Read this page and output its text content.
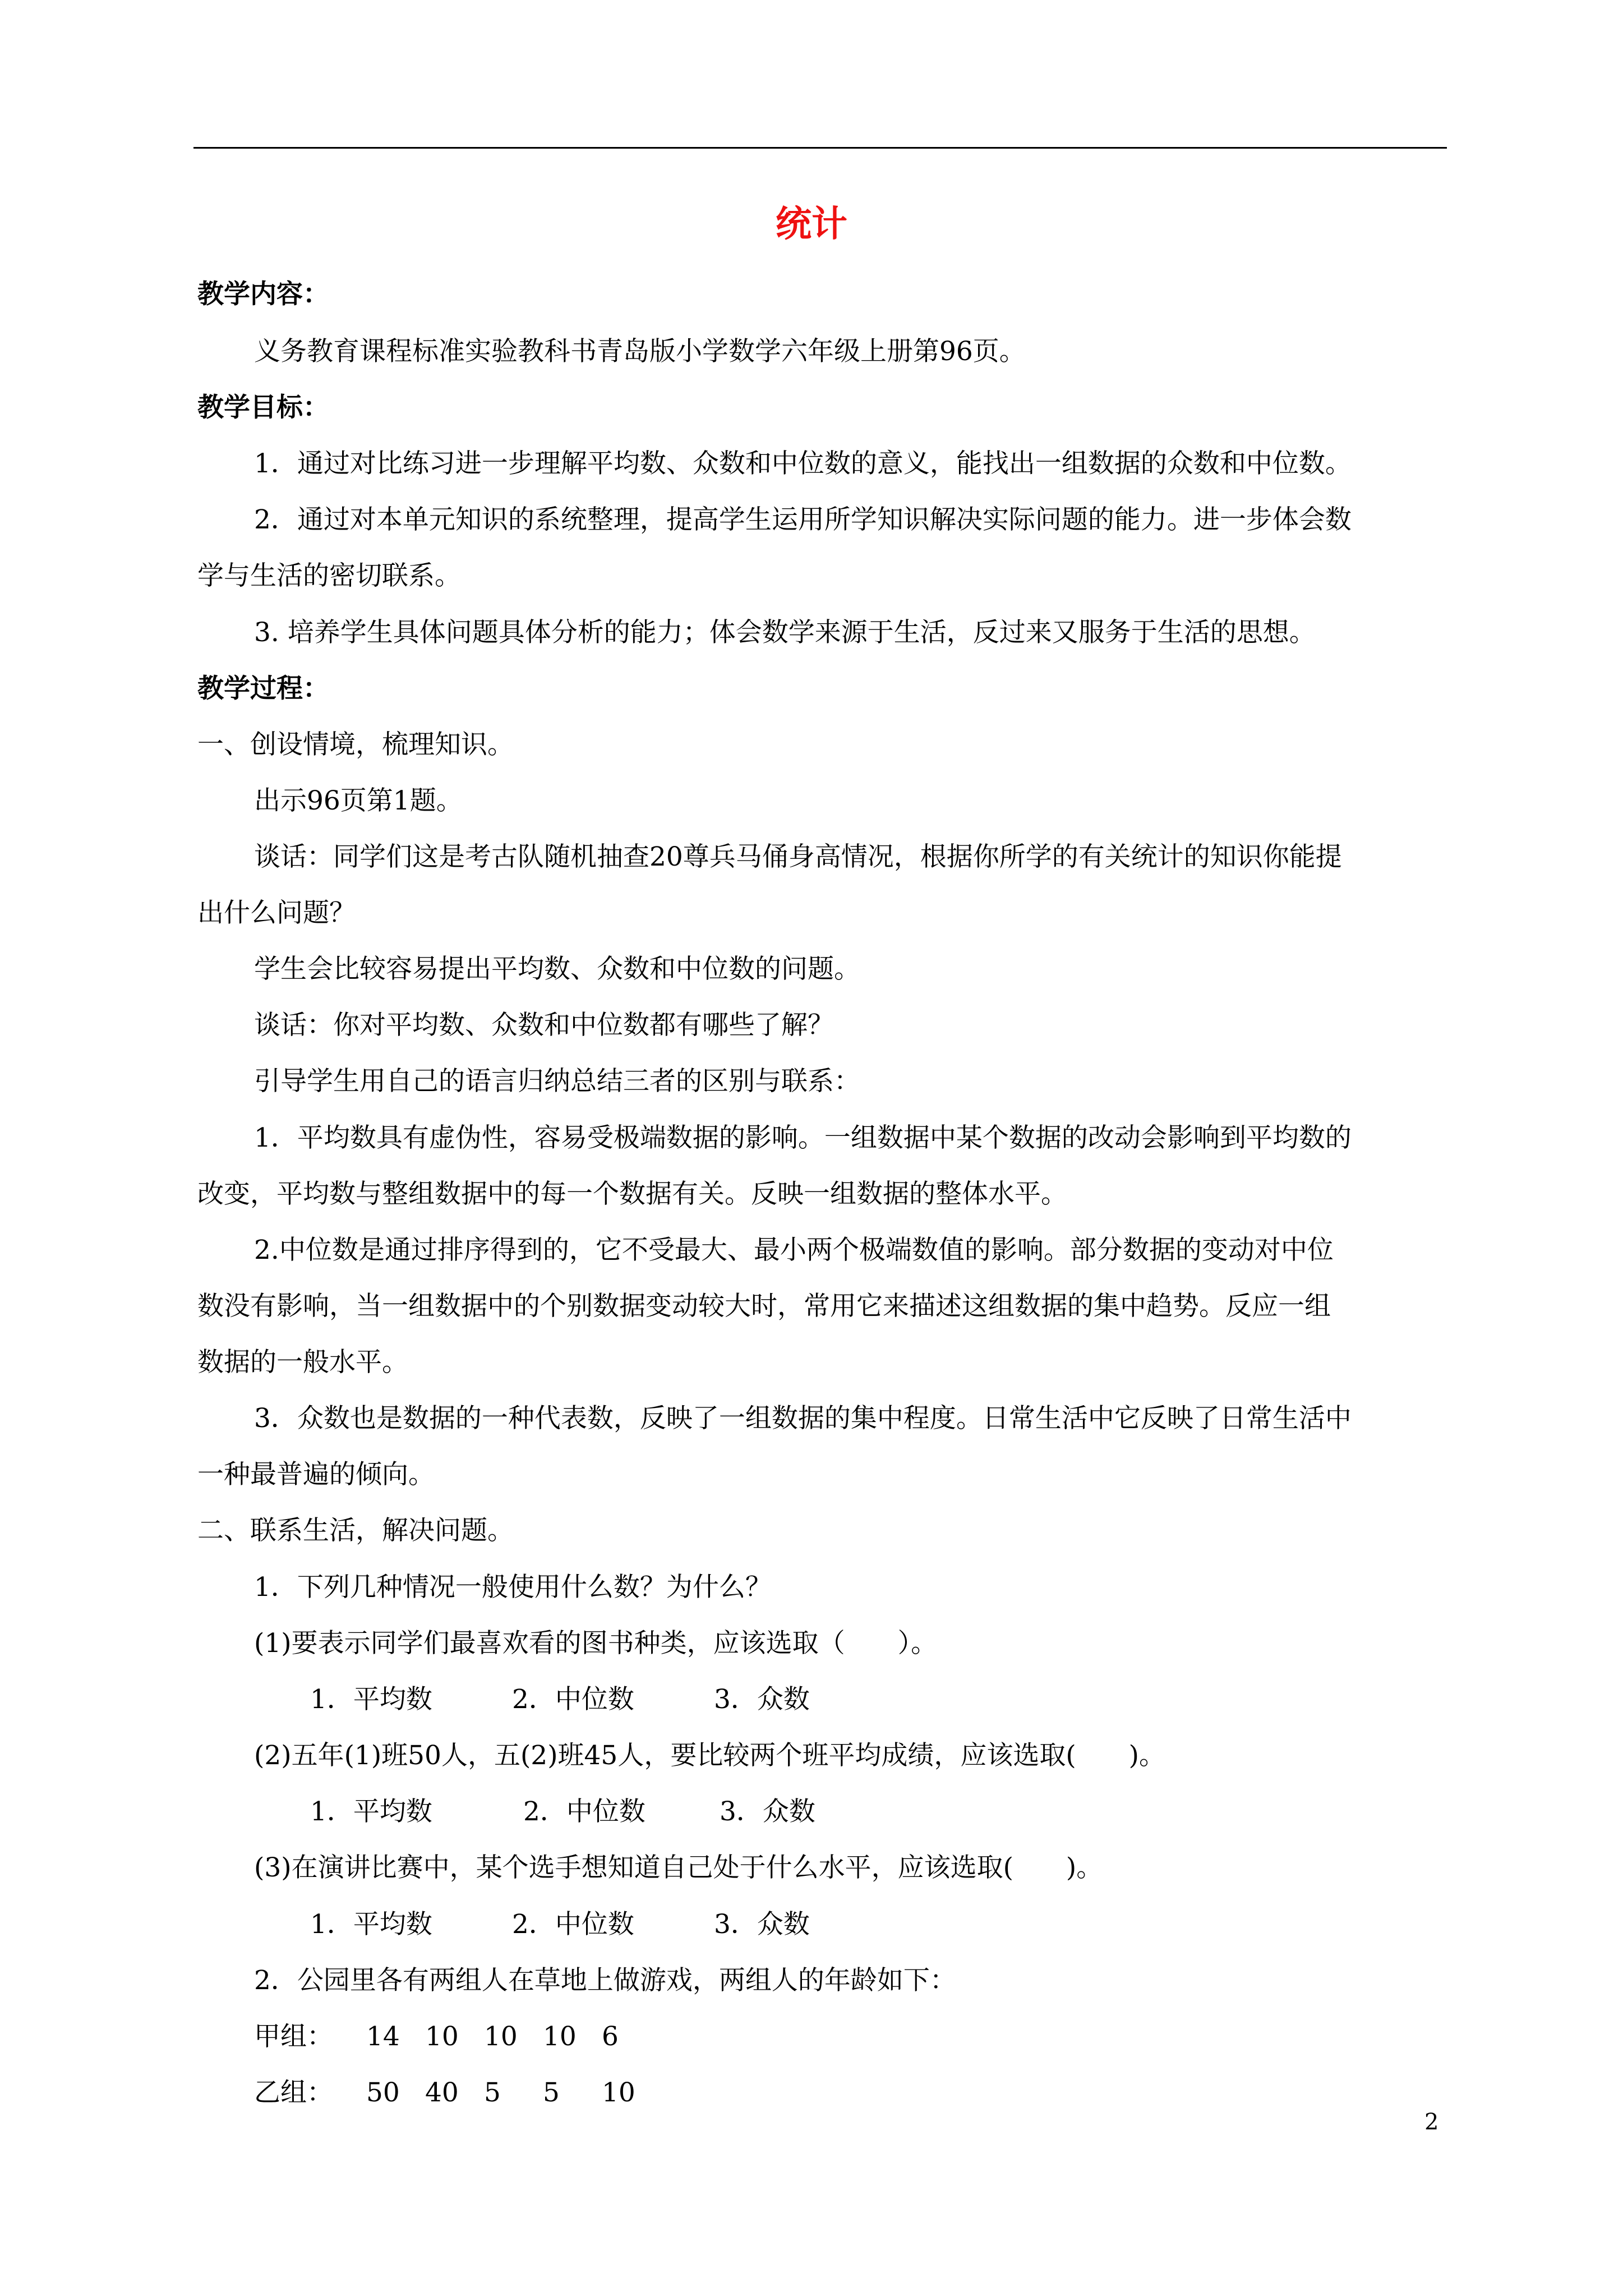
统计
教学内容：
义务教育课程标准实验教科书青岛版小学数学六年级上册第96页。
教学目标：
1．通过对比练习进一步理解平均数、众数和中位数的意义，能找出一组数据的众数和中位数。
2．通过对本单元知识的系统整理，提高学生运用所学知识解决实际问题的能力。进一步体会数
学与生活的密切联系。
3. 培养学生具体问题具体分析的能力；体会数学来源于生活，反过来又服务于生活的思想。
教学过程：
一、创设情境，梳理知识。
出示96页第1题。
谈话：同学们这是考古队随机抽查20尊兵马俑身高情况，根据你所学的有关统计的知识你能提
出什么问题？
学生会比较容易提出平均数、众数和中位数的问题。
谈话：你对平均数、众数和中位数都有哪些了解？
引导学生用自己的语言归纳总结三者的区别与联系：
1．平均数具有虚伪性，容易受极端数据的影响。一组数据中某个数据的改动会影响到平均数的
改变，平均数与整组数据中的每一个数据有关。反映一组数据的整体水平。
2.中位数是通过排序得到的，它不受最大、最小两个极端数值的影响。部分数据的变动对中位
数没有影响，当一组数据中的个别数据变动较大时，常用它来描述这组数据的集中趋势。反应一组
数据的一般水平。
3．众数也是数据的一种代表数，反映了一组数据的集中程度。日常生活中它反映了日常生活中
一种最普遍的倾向。
二、联系生活，解决问题。
1．下列几种情况一般使用什么数？为什么？
(1)要表示同学们最喜欢看的图书种类，应该选取（　　）。
1．平均数	2．中位数	3．众数
(2)五年(1)班50人，五(2)班45人，要比较两个班平均成绩，应该选取(　　)。
1．平均数	2．中位数	3．众数
(3)在演讲比赛中，某个选手想知道自己处于什么水平，应该选取(　　)。
1．平均数	2．中位数	3．众数
2．公园里各有两组人在草地上做游戏，两组人的年龄如下：
甲组： 14 10 10 10 6
乙组： 50 40 5 5 10
2
